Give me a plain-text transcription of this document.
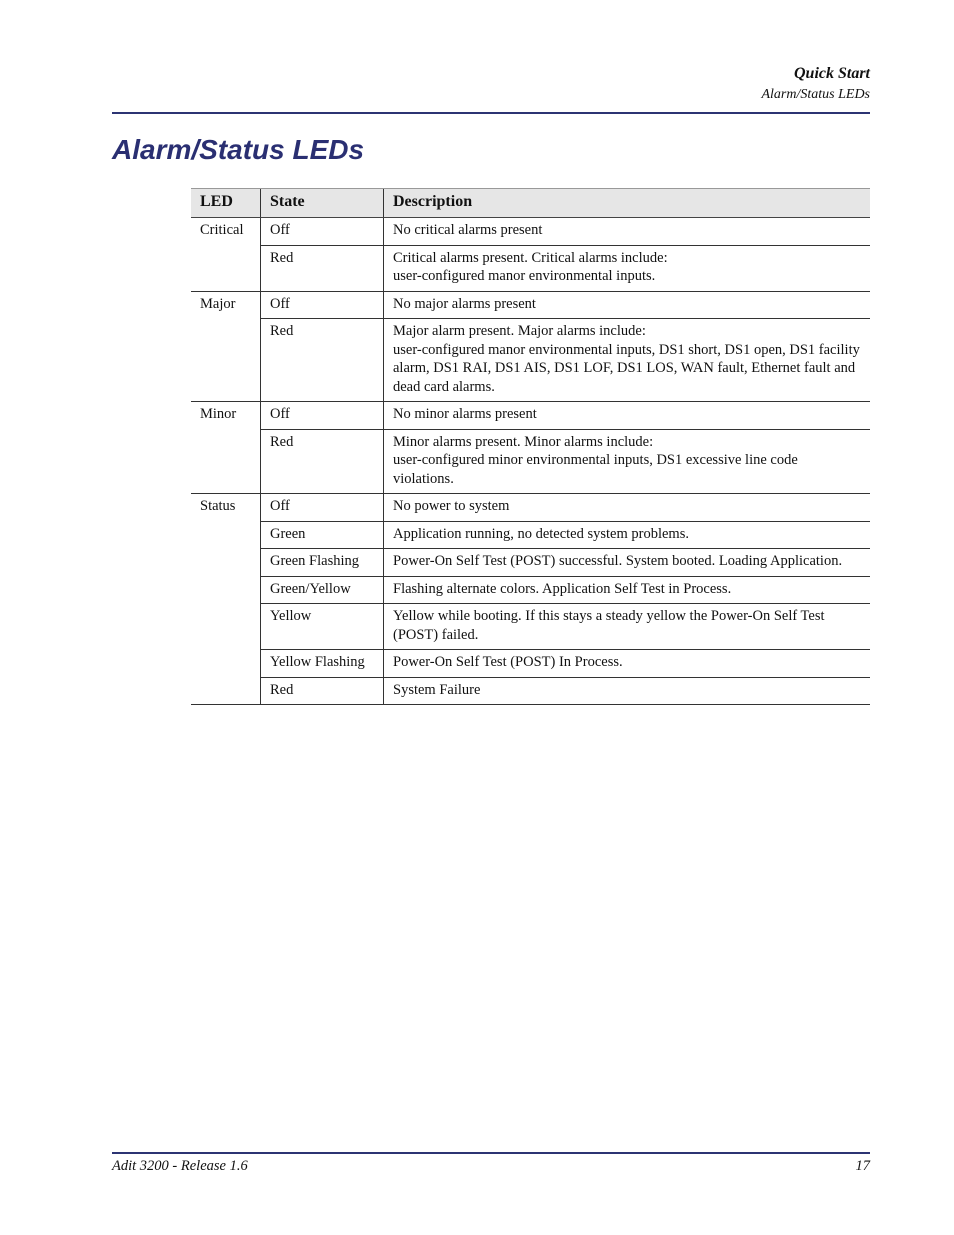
Quick Start
Alarm/Status LEDs
Alarm/Status LEDs
LED	State	Description
Critical	Off	No critical alarms present

	Red	Critical alarms present. Critical alarms include:
user-configured manor environmental inputs.

Major	Off	No major alarms present

	Red	Major alarm present. Major alarms include:
user-configured manor environmental inputs, DS1 short, DS1 open, DS1 facility alarm, DS1 RAI, DS1 AIS, DS1 LOF, DS1 LOS, WAN fault, Ethernet fault and dead card alarms.

Minor	Off	No minor alarms present

	Red	Minor alarms present. Minor alarms include:
user-configured minor environmental inputs, DS1 excessive line code violations.

Status	Off	No power to system

	Green	Application running, no detected system problems.

	Green Flashing	Power-On Self Test (POST) successful. System booted. Loading Application.

	Green/Yellow	Flashing alternate colors. Application Self Test in Process.

	Yellow	Yellow while booting. If this stays a steady yellow the Power-On Self Test (POST) failed.

	Yellow Flashing	Power-On Self Test (POST) In Process.

	Red	System Failure
Adit 3200 - Release 1.6	17
